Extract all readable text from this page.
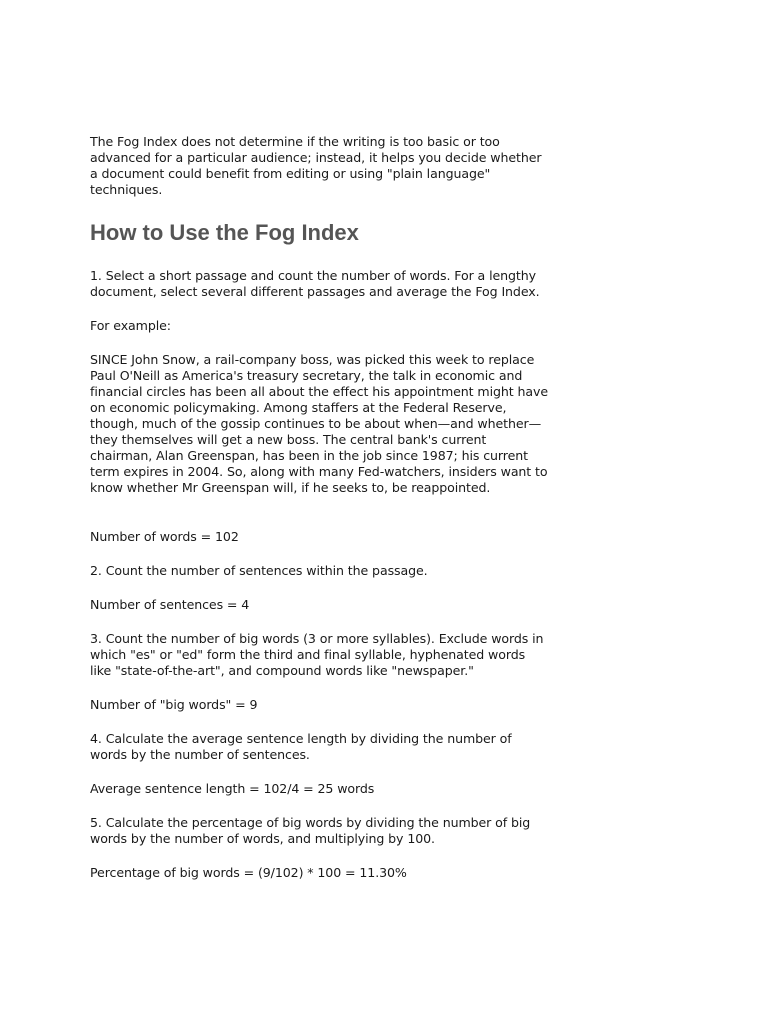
The Fog Index does not determine if the writing is too basic or too advanced for a particular audience; instead, it helps you decide whether a document could benefit from editing or using "plain language" techniques.

How to Use the Fog Index

1. Select a short passage and count the number of words. For a lengthy document, select several different passages and average the Fog Index.

For example:

SINCE John Snow, a rail-company boss, was picked this week to replace Paul O'Neill as America's treasury secretary, the talk in economic and financial circles has been all about the effect his appointment might have on economic policymaking. Among staffers at the Federal Reserve, though, much of the gossip continues to be about when—and whether—they themselves will get a new boss. The central bank's current chairman, Alan Greenspan, has been in the job since 1987; his current term expires in 2004. So, along with many Fed-watchers, insiders want to know whether Mr Greenspan will, if he seeks to, be reappointed.

Number of words = 102

2. Count the number of sentences within the passage.

Number of sentences = 4

3. Count the number of big words (3 or more syllables). Exclude words in which "es" or "ed" form the third and final syllable, hyphenated words like "state-of-the-art", and compound words like "newspaper."

Number of "big words" = 9

4. Calculate the average sentence length by dividing the number of words by the number of sentences.

Average sentence length = 102/4 = 25 words

5. Calculate the percentage of big words by dividing the number of big words by the number of words, and multiplying by 100.

Percentage of big words = (9/102) * 100 = 11.30%
